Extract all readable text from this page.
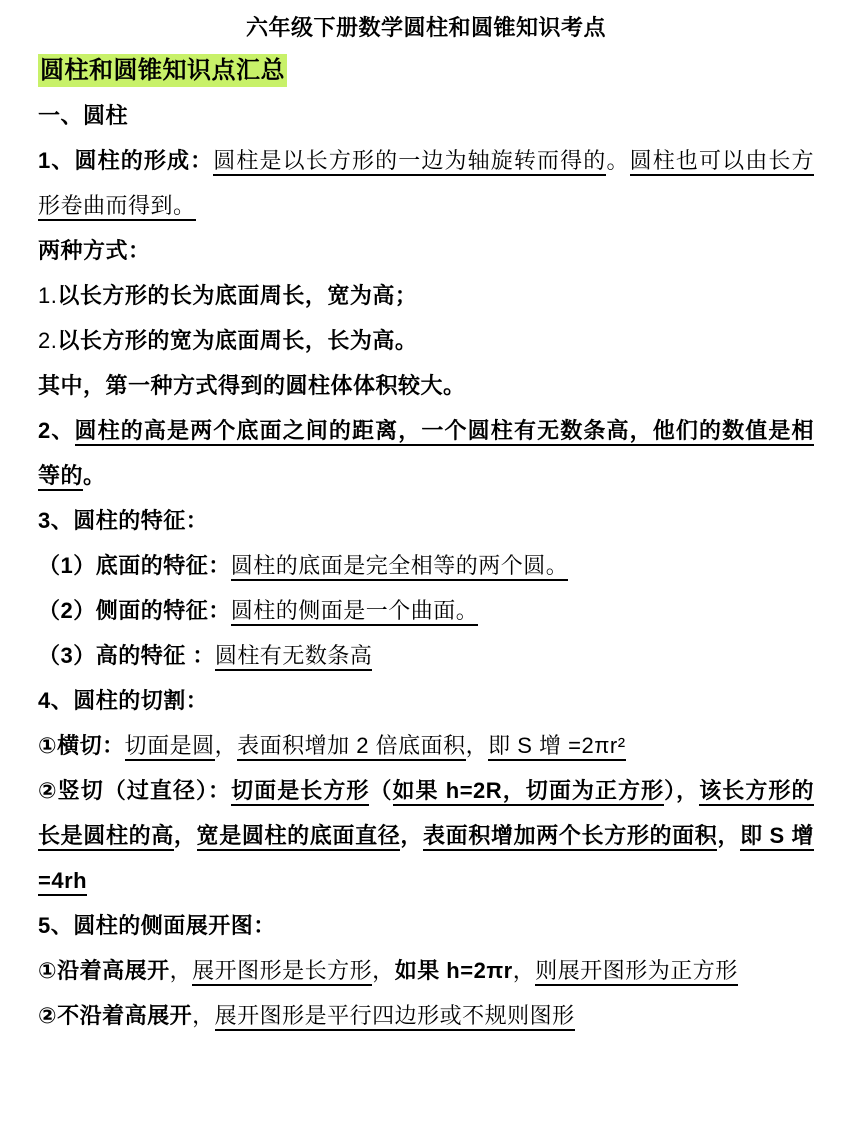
六年级下册数学圆柱和圆锥知识考点

圆柱和圆锥知识点汇总

一、圆柱

1、圆柱的形成：圆柱是以长方形的一边为轴旋转而得的。圆柱也可以由长方形卷曲而得到。

两种方式：

1.以长方形的长为底面周长，宽为高；

2.以长方形的宽为底面周长，长为高。

其中，第一种方式得到的圆柱体体积较大。

2、圆柱的高是两个底面之间的距离，一个圆柱有无数条高，他们的数值是相等的。

3、圆柱的特征：

（1）底面的特征：圆柱的底面是完全相等的两个圆。

（2）侧面的特征：圆柱的侧面是一个曲面。

（3）高的特征 ：圆柱有无数条高

4、圆柱的切割：

①横切：切面是圆，表面积增加 2 倍底面积，即 S 增 =2πr²

②竖切（过直径）：切面是长方形（如果 h=2R，切面为正方形），该长方形的长是圆柱的高，宽是圆柱的底面直径，表面积增加两个长方形的面积，即 S 增=4rh

5、圆柱的侧面展开图：

①沿着高展开，展开图形是长方形，如果 h=2πr，则展开图形为正方形

②不沿着高展开，展开图形是平行四边形或不规则图形
